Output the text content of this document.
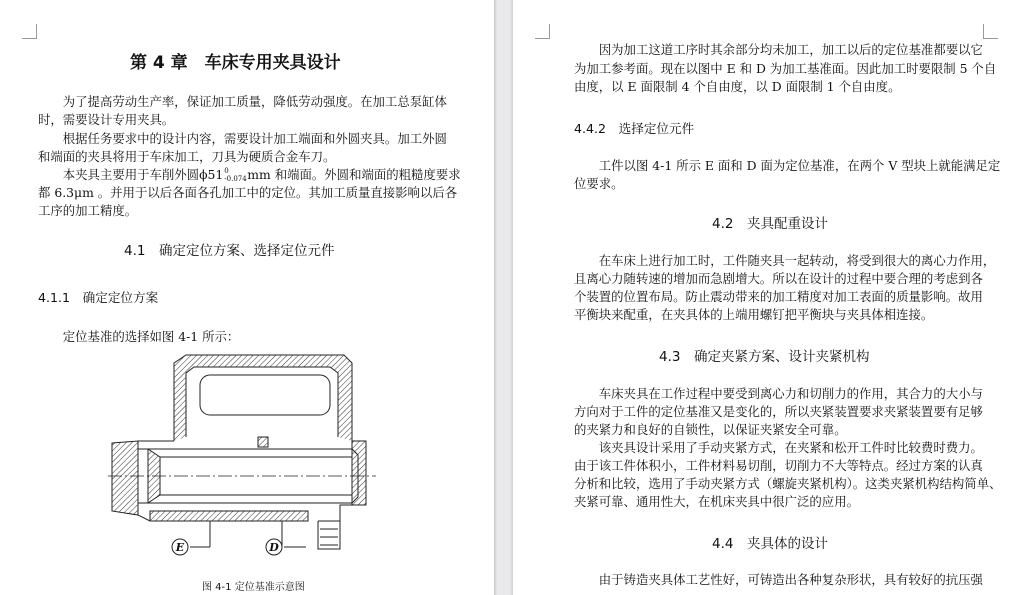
第 4 章　车床专用夹具设计
　　为了提高劳动生产率，保证加工质量，降低劳动强度。在加工总泵缸体
时，需要设计专用夹具。
　　根据任务要求中的设计内容，需要设计加工端面和外圆夹具。加工外圆
和端面的夹具将用于车床加工，刀具为硬质合金车刀。
　　本夹具主要用于车削外圆ϕ51 0
-0.074 mm 和端面。外圆和端面的粗糙度要求
都 6.3μm 。并用于以后各面各孔加工中的定位。其加工质量直接影响以后各
工序的加工精度。
4.1　确定定位方案、选择定位元件
4.1.1　确定定位方案
　　定位基准的选择如图 4-1 所示：
E	D
图 4-1 定位基准示意图
　　因为加工这道工序时其余部分均未加工，加工以后的定位基准都要以它
为加工参考面。现在以图中 E 和 D 为加工基准面。因此加工时要限制 5 个自
由度，以 E 面限制 4 个自由度，以 D 面限制 1 个自由度。
4.4.2　选择定位元件
　　工件以图 4-1 所示 E 面和 D 面为定位基准，在两个 V 型块上就能满足定
位要求。
4.2　夹具配重设计
　　在车床上进行加工时，工件随夹具一起转动，将受到很大的离心力作用，
且离心力随转速的增加而急剧增大。所以在设计的过程中要合理的考虑到各
个装置的位置布局。防止震动带来的加工精度对加工表面的质量影响。故用
平衡块来配重，在夹具体的上端用螺钉把平衡块与夹具体相连接。
4.3　确定夹紧方案、设计夹紧机构
　　车床夹具在工作过程中要受到离心力和切削力的作用，其合力的大小与
方向对于工件的定位基准又是变化的，所以夹紧装置要求夹紧装置要有足够
的夹紧力和良好的自锁性，以保证夹紧安全可靠。
　　该夹具设计采用了手动夹紧方式，在夹紧和松开工件时比较费时费力。
由于该工件体积小，工件材料易切削，切削力不大等特点。经过方案的认真
分析和比较，选用了手动夹紧方式（螺旋夹紧机构）。这类夹紧机构结构简单、
夹紧可靠、通用性大，在机床夹具中很广泛的应用。
4.4　夹具体的设计
　　由于铸造夹具体工艺性好，可铸造出各种复杂形状，具有较好的抗压强
